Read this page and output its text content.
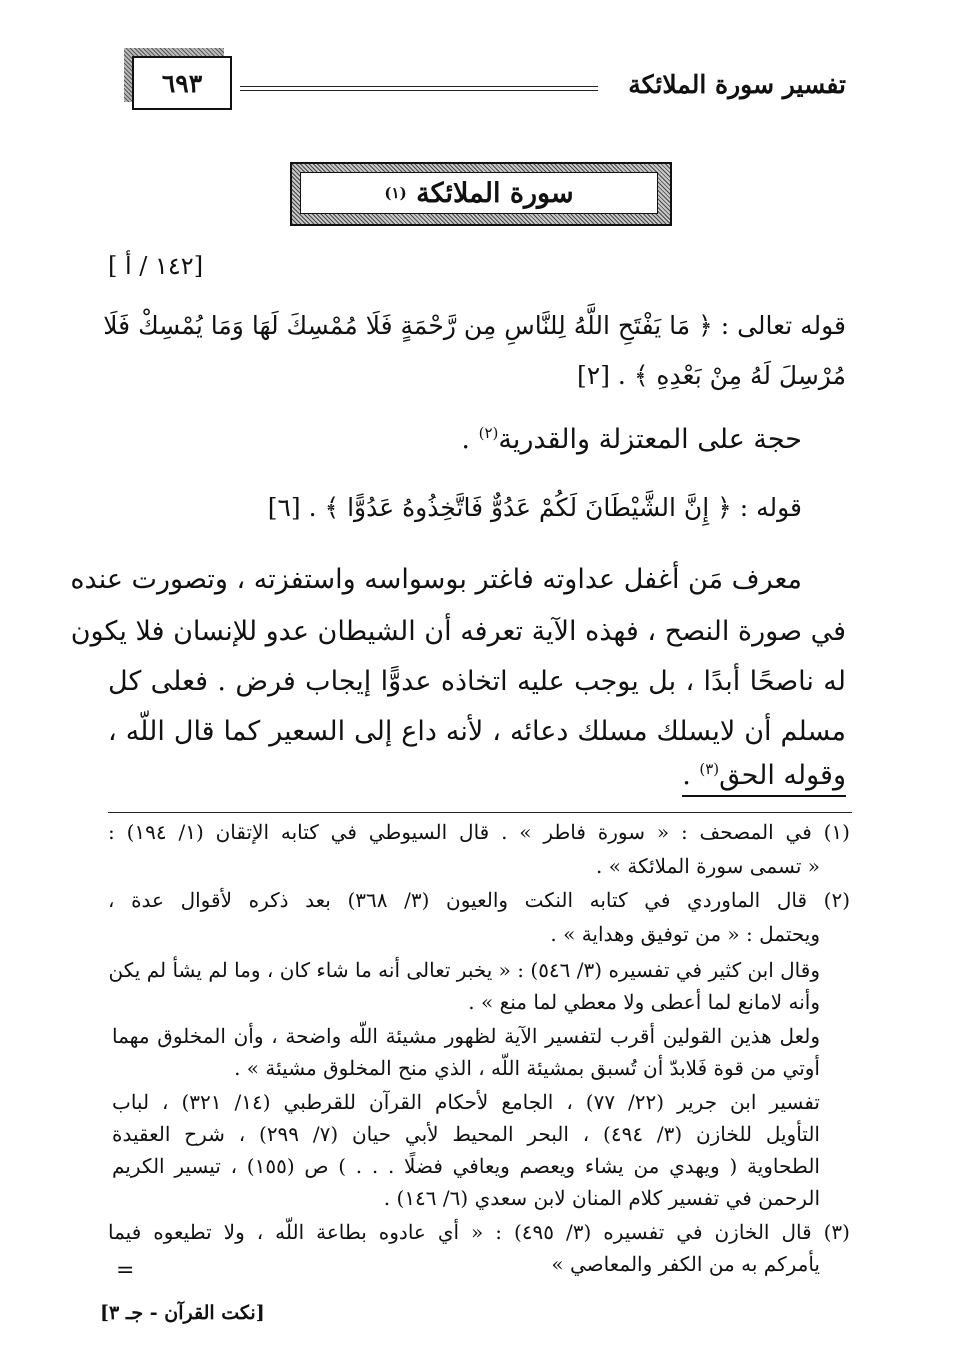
تفسير سورة الملائكة
٦٩٣
سورة الملائكة

(١)
[١٤٢ / أ ]
قوله تعالى : ﴿ مَا يَفْتَحِ اللَّهُ لِلنَّاسِ مِن رَّحْمَةٍ فَلَا مُمْسِكَ لَهَا وَمَا يُمْسِكْ فَلَا
مُرْسِلَ لَهُ مِنْ بَعْدِهِ ﴾ . [٢]
حجة على المعتزلة والقدرية$^{(٢)}$ .
قوله : ﴿ إِنَّ الشَّيْطَانَ لَكُمْ عَدُوٌّ فَاتَّخِذُوهُ عَدُوًّا ﴾ . [٦]
معرف مَن أغفل عداوته فاغتر بوسواسه واستفزته ، وتصورت عنده
في صورة النصح ، فهذه الآية تعرفه أن الشيطان عدو للإنسان فلا يكون
له ناصحًا أبدًا ، بل يوجب عليه اتخاذه عدوًّا إيجاب فرض . فعلى كل
مسلم أن لايسلك مسلك دعائه ، لأنه داع إلى السعير كما قال اللّه ،
وقوله الحق$^{(٣)}$ .
(١) في المصحف : « سورة فاطر » . قال السيوطي في كتابه الإتقان (١/ ١٩٤) :
« تسمى سورة الملائكة » .
(٢) قال الماوردي في كتابه النكت والعيون (٣/ ٣٦٨) بعد ذكره لأقوال عدة ،
ويحتمل : « من توفيق وهداية » .
وقال ابن كثير في تفسيره (٣/ ٥٤٦) : « يخبر تعالى أنه ما شاء كان ، وما لم يشأ لم يكن
وأنه لامانع لما أعطى ولا معطي لما منع » .
ولعل هذين القولين أقرب لتفسير الآية لظهور مشيئة اللّه واضحة ، وأن المخلوق مهما
أوتي من قوة فَلابدّ أن تُسبق بمشيئة اللّه ، الذي منح المخلوق مشيئة » .
تفسير ابن جرير (٢٢/ ٧٧) ، الجامع لأحكام القرآن للقرطبي (١٤/ ٣٢١) ، لباب
التأويل للخازن (٣/ ٤٩٤) ، البحر المحيط لأبي حيان (٧/ ٢٩٩) ، شرح العقيدة
الطحاوية ( ويهدي من يشاء ويعصم ويعافي فضلًا . . . ) ص (١٥٥) ، تيسير الكريم
الرحمن في تفسير كلام المنان لابن سعدي (٦/ ١٤٦) .
(٣) قال الخازن في تفسيره (٣/ ٤٩٥) : « أي عادوه بطاعة اللّه ، ولا تطيعوه فيما
يأمركم به من الكفر والمعاصي »
=
[نكت القرآن - جـ ٣]
